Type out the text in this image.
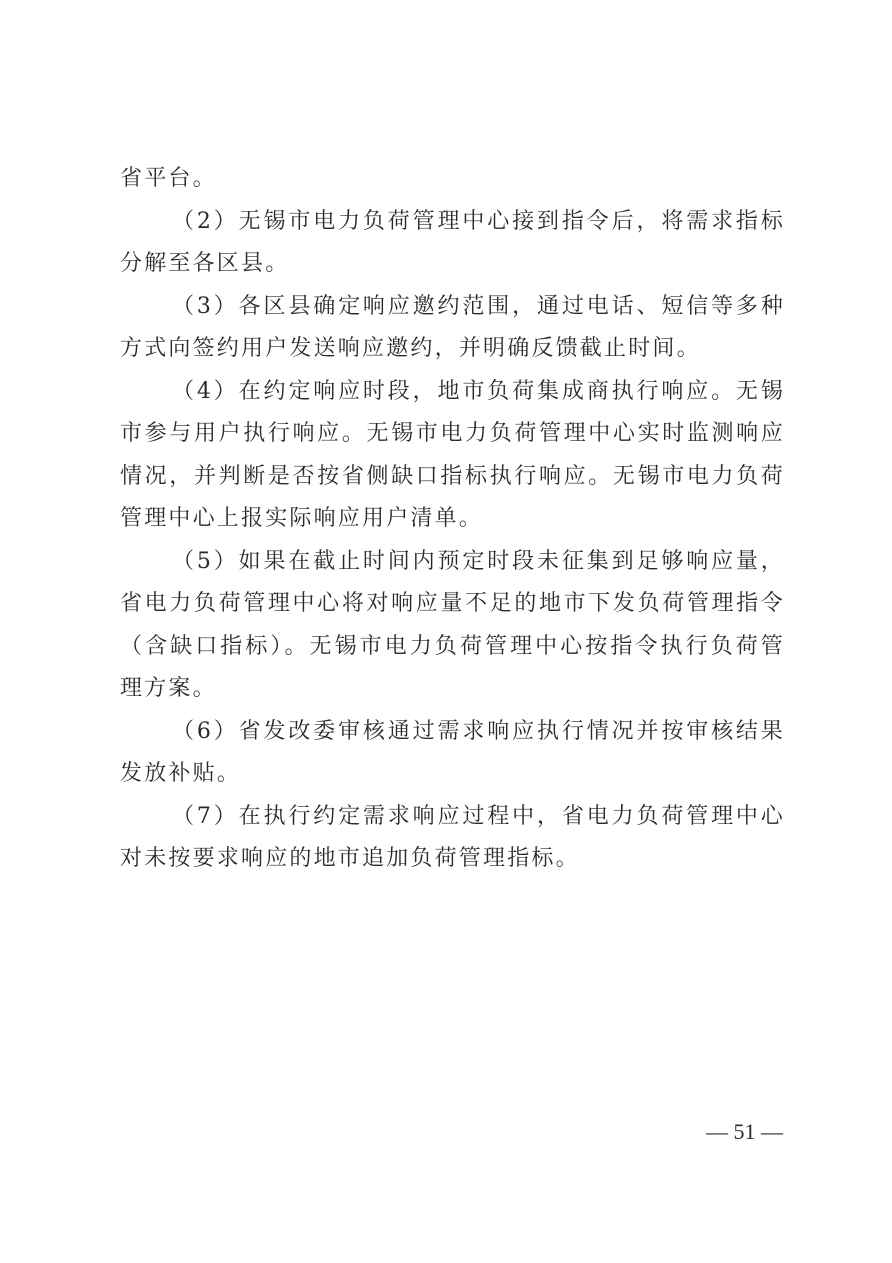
省平台。

（2）无锡市电力负荷管理中心接到指令后，将需求指标分解至各区县。

（3）各区县确定响应邀约范围，通过电话、短信等多种方式向签约用户发送响应邀约，并明确反馈截止时间。

（4）在约定响应时段，地市负荷集成商执行响应。无锡市参与用户执行响应。无锡市电力负荷管理中心实时监测响应情况，并判断是否按省侧缺口指标执行响应。无锡市电力负荷管理中心上报实际响应用户清单。

（5）如果在截止时间内预定时段未征集到足够响应量，省电力负荷管理中心将对响应量不足的地市下发负荷管理指令（含缺口指标）。无锡市电力负荷管理中心按指令执行负荷管理方案。

（6）省发改委审核通过需求响应执行情况并按审核结果发放补贴。

（7）在执行约定需求响应过程中，省电力负荷管理中心对未按要求响应的地市追加负荷管理指标。

— 51 —
